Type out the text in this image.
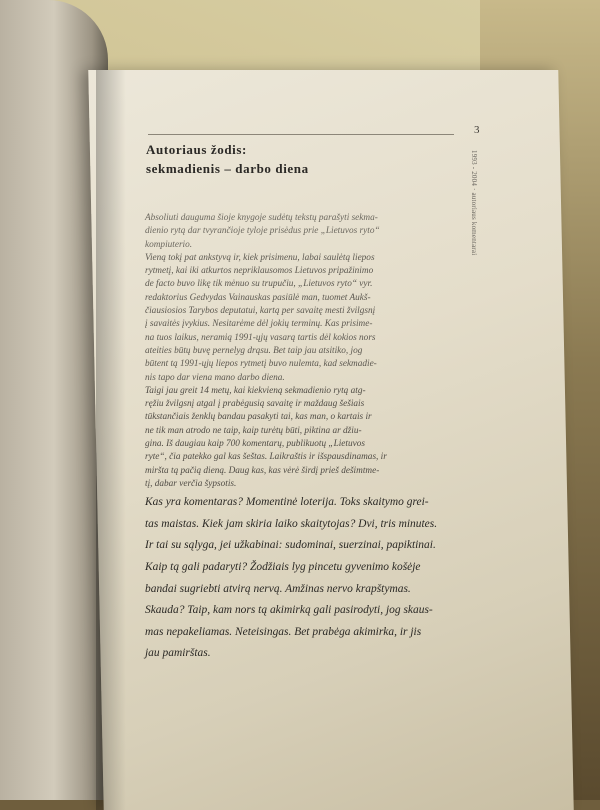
3
1993 - 2004 · autoriaus komentarai
Autoriaus žodis:
sekmadienis – darbo diena
Absoliuti dauguma šioje knygoje sudėtų tekstų parašyti sekma-
dienio rytą dar tvyrančioje tyloje prisėdus prie „Lietuvos ryto“
kompiuterio.
Vieną tokį pat ankstyvą ir, kiek prisimenu, labai saulėtą liepos
rytmetį, kai iki atkurtos nepriklausomos Lietuvos pripažinimo
de facto buvo likę tik mėnuo su trupučiu, „Lietuvos ryto“ vyr.
redaktorius Gedvydas Vainauskas pasiūlė man, tuomet Aukš-
čiausiosios Tarybos deputatui, kartą per savaitę mesti žvilgsnį
į savaitės įvykius. Nesitarėme dėl jokių terminų. Kas prisime-
na tuos laikus, neramią 1991-ųjų vasarą tartis dėl kokios nors
ateities būtų buvę pernelyg drąsu. Bet taip jau atsitiko, jog
būtent tą 1991-ųjų liepos rytmetį buvo nulemta, kad sekmadie-
nis tapo dar viena mano darbo diena.
Taigi jau greit 14 metų, kai kiekvieną sekmadienio rytą atg-
ręžiu žvilgsnį atgal į prabėgusią savaitę ir maždaug šešiais
tūkstančiais ženklų bandau pasakyti tai, kas man, o kartais ir
ne tik man atrodo ne taip, kaip turėtų būti, piktina ar džiu-
gina. Iš daugiau kaip 700 komentarų, publikuotų „Lietuvos
ryte“, čia patekko gal kas šeštas. Laikraštis ir išspausdinamas, ir
miršta tą pačią dieną. Daug kas, kas vėrė širdį prieš dešimtme-
tį, dabar verčia šypsotis.
Kas yra komentaras? Momentinė loterija. Toks skaitymo grei-
tas maistas. Kiek jam skiria laiko skaitytojas? Dvi, tris minutes.
Ir tai su sąlyga, jei užkabinai: sudominai, suerzinai, papiktinai.
Kaip tą gali padaryti? Žodžiais lyg pincetu gyvenimo košėje
bandai sugriebti atvirą nervą. Amžinas nervo krapštymas.
Skauda? Taip, kam nors tą akimirką gali pasirodyti, jog skaus-
mas nepakeliamas. Neteisingas. Bet prabėga akimirka, ir jis
jau pamirštas.
